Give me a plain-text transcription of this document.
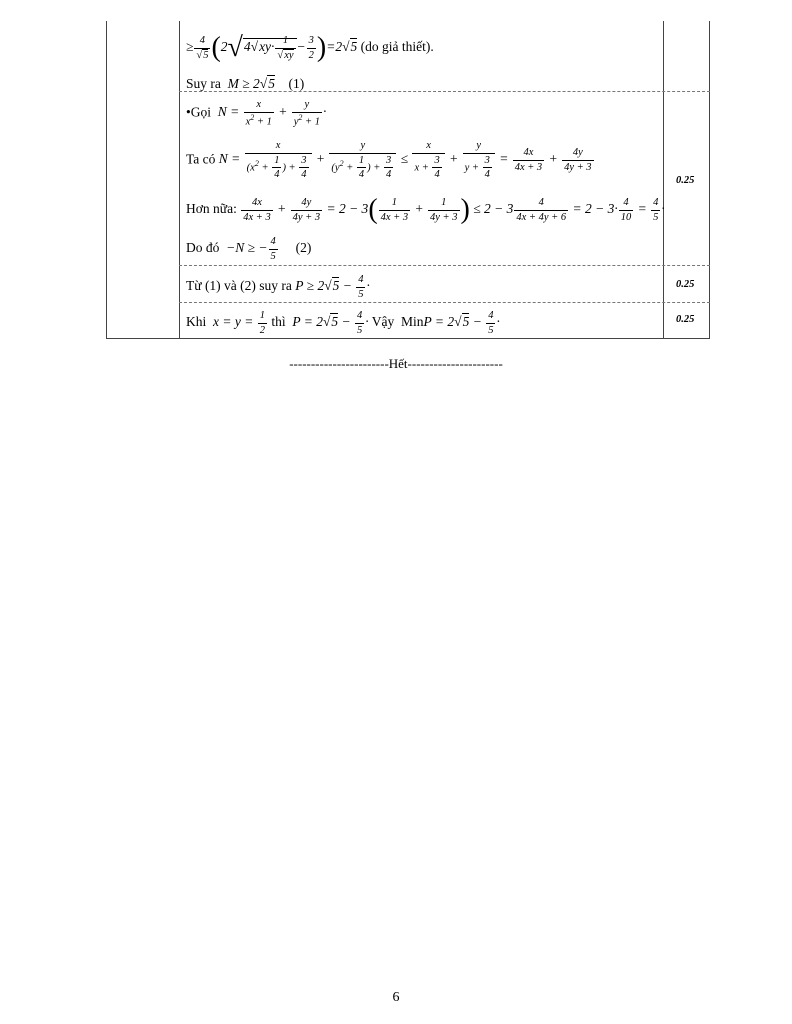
≥ $\frac{4}{√5} (2√4√xy\cdot \frac{1}{√xy} - \frac{3}{2} )=2√5$ (do giả thiết).
Suy ra  M ≥ 2√5 (1)
•Gọi  $N = \frac{x}{x^2 + 1} + \frac{y}{y^2 + 1}$ ·
Ta có $N = \frac{x}{(x^2 + \frac{1}{4} ) + \frac{3}{4}} + \frac{y}{(y^2 + \frac{1}{4} ) + \frac{3}{4}} \le \frac{x}{x + \frac{3}{4}} + \frac{y}{y + \frac{3}{4}} = \frac{4x}{4x + 3} + \frac{4y}{4y + 3}$
Hơn nữa: $\frac{4x}{4x + 3} + \frac{4y}{4y + 3} = 2 - 3( \frac{1}{4x + 3} + \frac{1}{4y + 3}$ ) ≤ $2 - 3 \frac{4}{4x + 4y + 6} = 2 - 3\cdot \frac{4}{10} = \frac{4}{5}$ ·
Do đó  −N ≥ − $\frac{4}{5} (2)$
Từ (1) và (2) suy ra $P \ge 2√5 - \frac{4}{5}$ ·
Khi  $x = y = \frac{1}{2}$ thì  $P = 2√5 - \frac{4}{5}$ · Vậy MinP = $2√5 - \frac{4}{5}$ ·
0.25
0.25
0.25
-----------------------Hết----------------------
6
